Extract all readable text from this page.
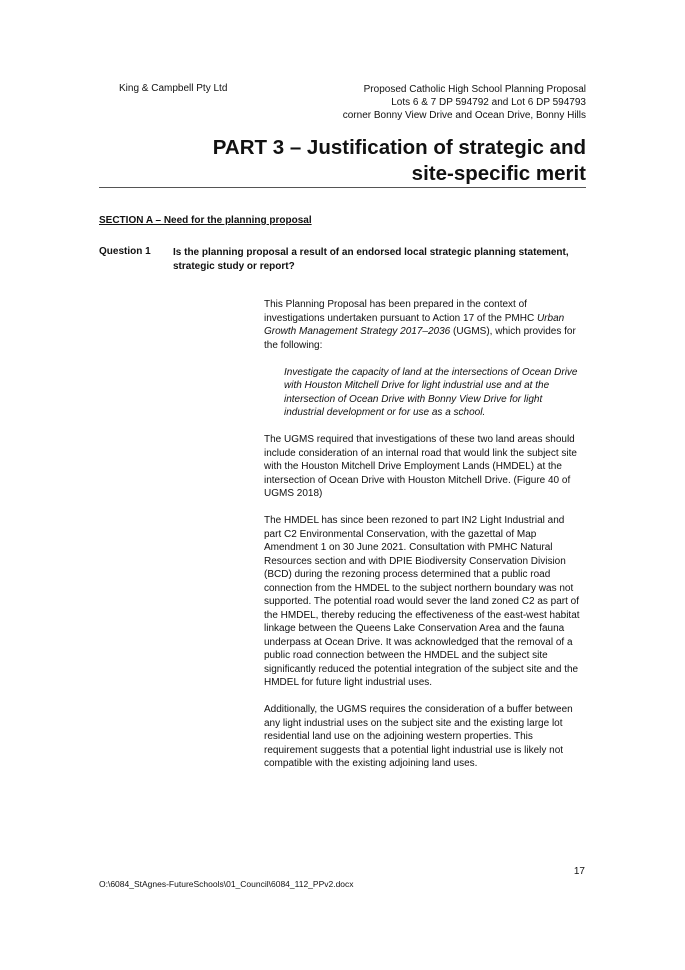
King & Campbell Pty Ltd	Proposed Catholic High School Planning Proposal
Lots 6 & 7 DP 594792 and Lot 6 DP 594793
corner Bonny View Drive and Ocean Drive, Bonny Hills
PART 3 – Justification of strategic and
site-specific merit
SECTION A – Need for the planning proposal
Question 1 Is the planning proposal a result of an endorsed local strategic planning statement, strategic study or report?

This Planning Proposal has been prepared in the context of investigations undertaken pursuant to Action 17 of the PMHC Urban Growth Management Strategy 2017–2036 (UGMS), which provides for the following:

Investigate the capacity of land at the intersections of Ocean Drive with Houston Mitchell Drive for light industrial use and at the intersection of Ocean Drive with Bonny View Drive for light industrial development or for use as a school.

The UGMS required that investigations of these two land areas should include consideration of an internal road that would link the subject site with the Houston Mitchell Drive Employment Lands (HMDEL) at the intersection of Ocean Drive with Houston Mitchell Drive. (Figure 40 of UGMS 2018)

The HMDEL has since been rezoned to part IN2 Light Industrial and part C2 Environmental Conservation, with the gazettal of Map Amendment 1 on 30 June 2021. Consultation with PMHC Natural Resources section and with DPIE Biodiversity Conservation Division (BCD) during the rezoning process determined that a public road connection from the HMDEL to the subject northern boundary was not supported. The potential road would sever the land zoned C2 as part of the HMDEL, thereby reducing the effectiveness of the east-west habitat linkage between the Queens Lake Conservation Area and the fauna underpass at Ocean Drive. It was acknowledged that the removal of a public road connection between the HMDEL and the subject site significantly reduced the potential integration of the subject site and the HMDEL for future light industrial uses.

Additionally, the UGMS requires the consideration of a buffer between any light industrial uses on the subject site and the existing large lot residential land use on the adjoining western properties. This requirement suggests that a potential light industrial use is likely not compatible with the existing adjoining land uses.

17
O:\6084_StAgnes-FutureSchools\01_Council\6084_112_PPv2.docx
